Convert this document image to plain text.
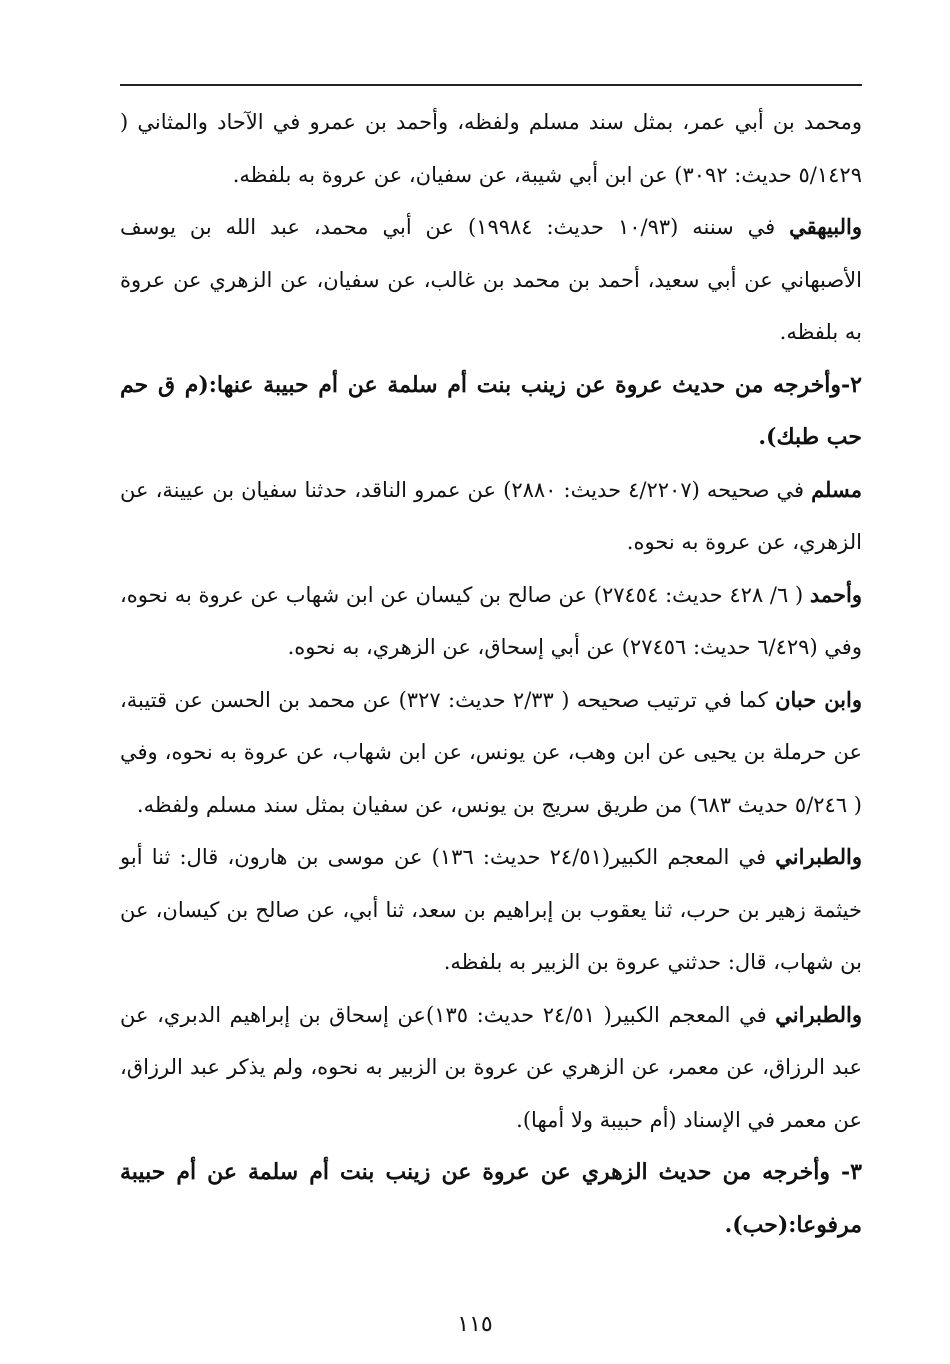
ومحمد بن أبي عمر، بمثل سند مسلم ولفظه، وأحمد بن عمرو في الآحاد والمثاني ( ٥/١٤٢٩ حديث: ٣٠٩٢) عن ابن أبي شيبة، عن سفيان، عن عروة به بلفظه.

والبيهقي في سننه (١٠/٩٣ حديث: ١٩٩٨٤) عن أبي محمد، عبد الله بن يوسف الأصبهاني عن أبي سعيد، أحمد بن محمد بن غالب، عن سفيان، عن الزهري عن عروة به بلفظه.

٢-وأخرجه من حديث عروة عن زينب بنت أم سلمة عن أم حبيبة عنها:(م ق حم حب طبك).

مسلم في صحيحه (٤/٢٢٠٧ حديث: ٢٨٨٠) عن عمرو الناقد، حدثنا سفيان بن عيينة، عن الزهري، عن عروة به نحوه.

وأحمد ( ٦/ ٤٢٨ حديث: ٢٧٤٥٤) عن صالح بن كيسان عن ابن شهاب عن عروة به نحوه، وفي (٦/٤٢٩ حديث: ٢٧٤٥٦) عن أبي إسحاق، عن الزهري، به نحوه.

وابن حبان كما في ترتيب صحيحه ( ٢/٣٣ حديث: ٣٢٧) عن محمد بن الحسن عن قتيبة، عن حرملة بن يحيى عن ابن وهب، عن يونس، عن ابن شهاب، عن عروة به نحوه، وفي ( ٥/٢٤٦ حديث ٦٨٣) من طريق سريج بن يونس، عن سفيان بمثل سند مسلم ولفظه.

والطبراني في المعجم الكبير(٢٤/٥١ حديث: ١٣٦) عن موسى بن هارون، قال: ثنا أبو خيثمة زهير بن حرب، ثنا يعقوب بن إبراهيم بن سعد، ثنا أبي، عن صالح بن كيسان، عن بن شهاب، قال: حدثني عروة بن الزبير به بلفظه.

والطبراني في المعجم الكبير( ٢٤/٥١ حديث: ١٣٥)عن إسحاق بن إبراهيم الدبري، عن عبد الرزاق، عن معمر، عن الزهري عن عروة بن الزبير به نحوه، ولم يذكر عبد الرزاق، عن معمر في الإسناد (أم حبيبة ولا أمها).

٣- وأخرجه من حديث الزهري عن عروة عن زينب بنت أم سلمة عن أم حبيبة مرفوعا:(حب).

١١٥
